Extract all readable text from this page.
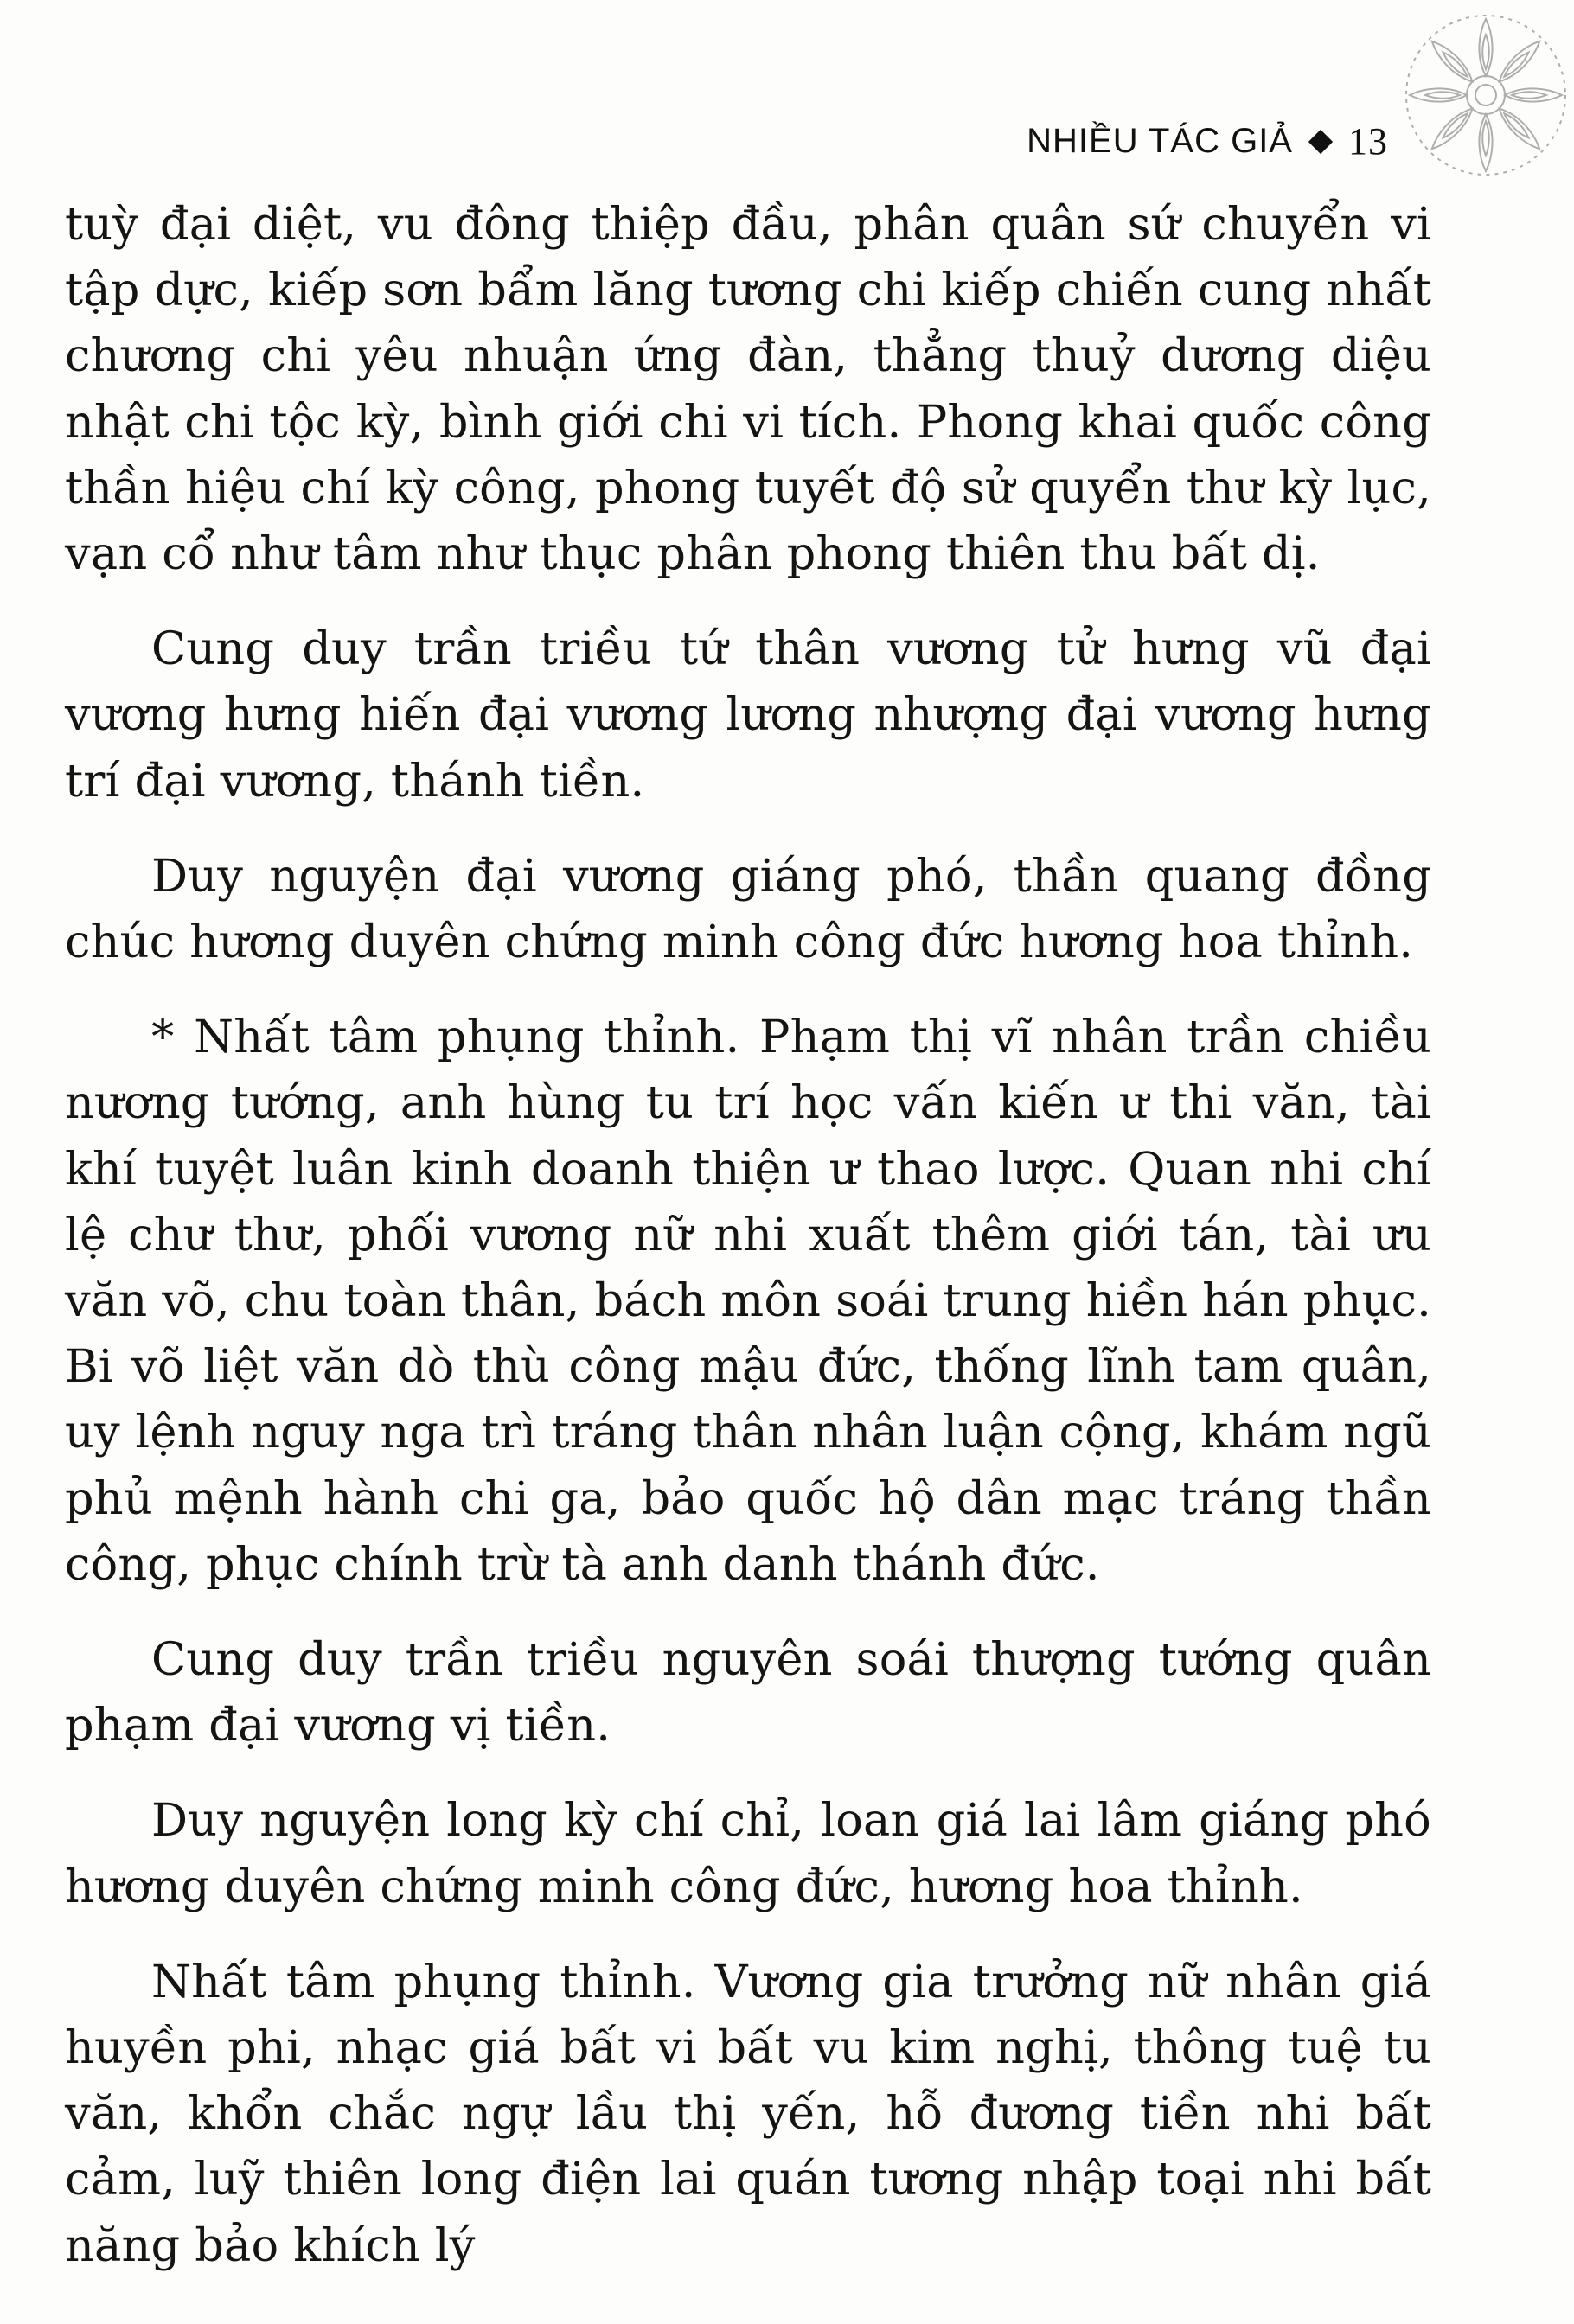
NHIỀU TÁC GIẢ 13

tuỳ đại diệt, vu đông thiệp đầu, phân quân sứ chuyển vi tập dực, kiếp sơn bẩm lăng tương chi kiếp chiến cung nhất chương chi yêu nhuận ứng đàn, thẳng thuỷ dương diệu nhật chi tộc kỳ, bình giới chi vi tích. Phong khai quốc công thần hiệu chí kỳ công, phong tuyết độ sử quyển thư kỳ lục, vạn cổ như tâm như thục phân phong thiên thu bất dị.

Cung duy trần triều tứ thân vương tử hưng vũ đại vương hưng hiến đại vương lương nhượng đại vương hưng trí đại vương, thánh tiền.

Duy nguyện đại vương giáng phó, thần quang đồng chúc hương duyên chứng minh công đức hương hoa thỉnh.

* Nhất tâm phụng thỉnh. Phạm thị vĩ nhân trần chiều nương tướng, anh hùng tu trí học vấn kiến ư thi văn, tài khí tuyệt luân kinh doanh thiện ư thao lược. Quan nhi chí lệ chư thư, phối vương nữ nhi xuất thêm giới tán, tài ưu văn võ, chu toàn thân, bách môn soái trung hiền hán phục. Bi võ liệt văn dò thù công mậu đức, thống lĩnh tam quân, uy lệnh nguy nga trì tráng thân nhân luận cộng, khám ngũ phủ mệnh hành chi ga, bảo quốc hộ dân mạc tráng thần công, phục chính trừ tà anh danh thánh đức.

Cung duy trần triều nguyên soái thượng tướng quân phạm đại vương vị tiền.

Duy nguyện long kỳ chí chỉ, loan giá lai lâm giáng phó hương duyên chứng minh công đức, hương hoa thỉnh.

Nhất tâm phụng thỉnh. Vương gia trưởng nữ nhân giá huyền phi, nhạc giá bất vi bất vu kim nghị, thông tuệ tu văn, khổn chắc ngự lầu thị yến, hỗ đương tiền nhi bất cảm, luỹ thiên long điện lai quán tương nhập toại nhi bất năng bảo khích lý
